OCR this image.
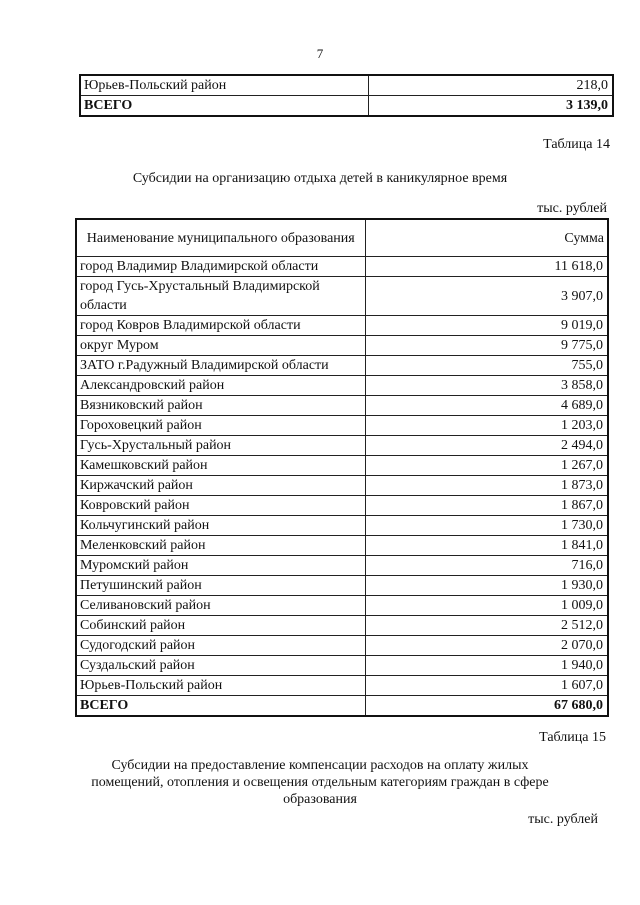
7
Юрьев-Польский район	218,0
ВСЕГО	3 139,0
Таблица 14
Субсидии на организацию отдыха детей в каникулярное время
тыс. рублей
Наименование муниципального образования	Сумма
город Владимир Владимирской области	11 618,0
город Гусь-Хрустальный Владимирской области	3 907,0
город Ковров Владимирской области	9 019,0
округ Муром	9 775,0
ЗАТО г.Радужный Владимирской области	755,0
Александровский район	3 858,0
Вязниковский район	4 689,0
Гороховецкий район	1 203,0
Гусь-Хрустальный район	2 494,0
Камешковский район	1 267,0
Киржачский район	1 873,0
Ковровский район	1 867,0
Кольчугинский район	1 730,0
Меленковский район	1 841,0
Муромский район	716,0
Петушинский район	1 930,0
Селивановский район	1 009,0
Собинский район	2 512,0
Судогодский район	2 070,0
Суздальский район	1 940,0
Юрьев-Польский район	1 607,0
ВСЕГО	67 680,0
Таблица 15
Субсидии на предоставление компенсации расходов на оплату жилых помещений, отопления и освещения отдельным категориям граждан в сфере образования
тыс. рублей
